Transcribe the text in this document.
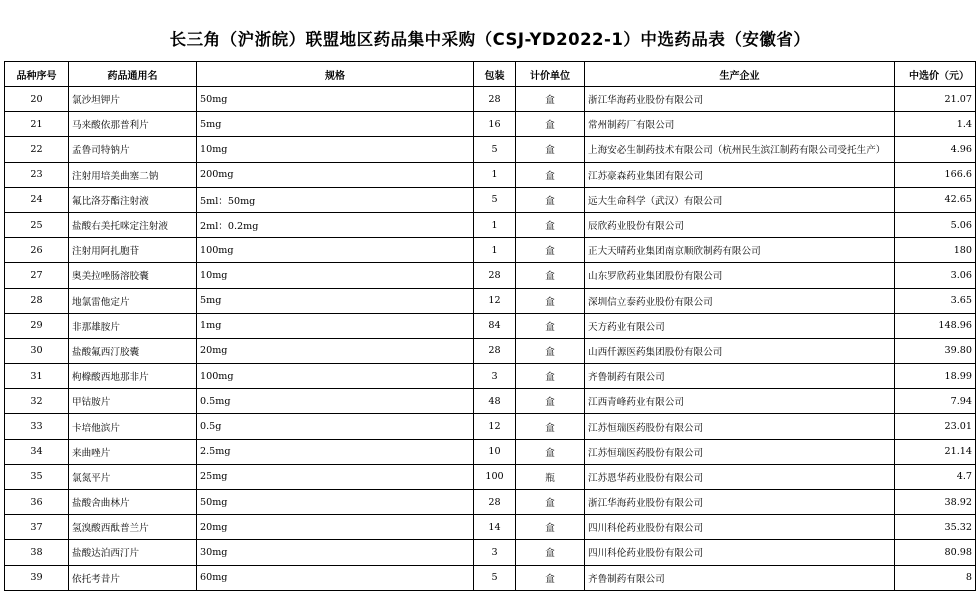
长三角（沪浙皖）联盟地区药品集中采购（CSJ-YD2022-1）中选药品表（安徽省）
品种序号	药品通用名	规格	包装	计价单位	生产企业	中选价（元）
20	氯沙坦钾片	50mg	28	盒	浙江华海药业股份有限公司	21.07
21	马来酸依那普利片	5mg	16	盒	常州制药厂有限公司	1.4
22	孟鲁司特钠片	10mg	5	盒	上海安必生制药技术有限公司（杭州民生滨江制药有限公司受托生产）	4.96
23	注射用培美曲塞二钠	200mg	1	盒	江苏豪森药业集团有限公司	166.6
24	氟比洛芬酯注射液	5ml：50mg	5	盒	远大生命科学（武汉）有限公司	42.65
25	盐酸右美托咪定注射液	2ml：0.2mg	1	盒	辰欣药业股份有限公司	5.06
26	注射用阿扎胞苷	100mg	1	盒	正大天晴药业集团南京顺欣制药有限公司	180
27	奥美拉唑肠溶胶囊	10mg	28	盒	山东罗欣药业集团股份有限公司	3.06
28	地氯雷他定片	5mg	12	盒	深圳信立泰药业股份有限公司	3.65
29	非那雄胺片	1mg	84	盒	天方药业有限公司	148.96
30	盐酸氟西汀胶囊	20mg	28	盒	山西仟源医药集团股份有限公司	39.80
31	枸橼酸西地那非片	100mg	3	盒	齐鲁制药有限公司	18.99
32	甲钴胺片	0.5mg	48	盒	江西青峰药业有限公司	7.94
33	卡培他滨片	0.5g	12	盒	江苏恒瑞医药股份有限公司	23.01
34	来曲唑片	2.5mg	10	盒	江苏恒瑞医药股份有限公司	21.14
35	氯氮平片	25mg	100	瓶	江苏恩华药业股份有限公司	4.7
36	盐酸舍曲林片	50mg	28	盒	浙江华海药业股份有限公司	38.92
37	氢溴酸西酞普兰片	20mg	14	盒	四川科伦药业股份有限公司	35.32
38	盐酸达泊西汀片	30mg	3	盒	四川科伦药业股份有限公司	80.98
39	依托考昔片	60mg	5	盒	齐鲁制药有限公司	8
